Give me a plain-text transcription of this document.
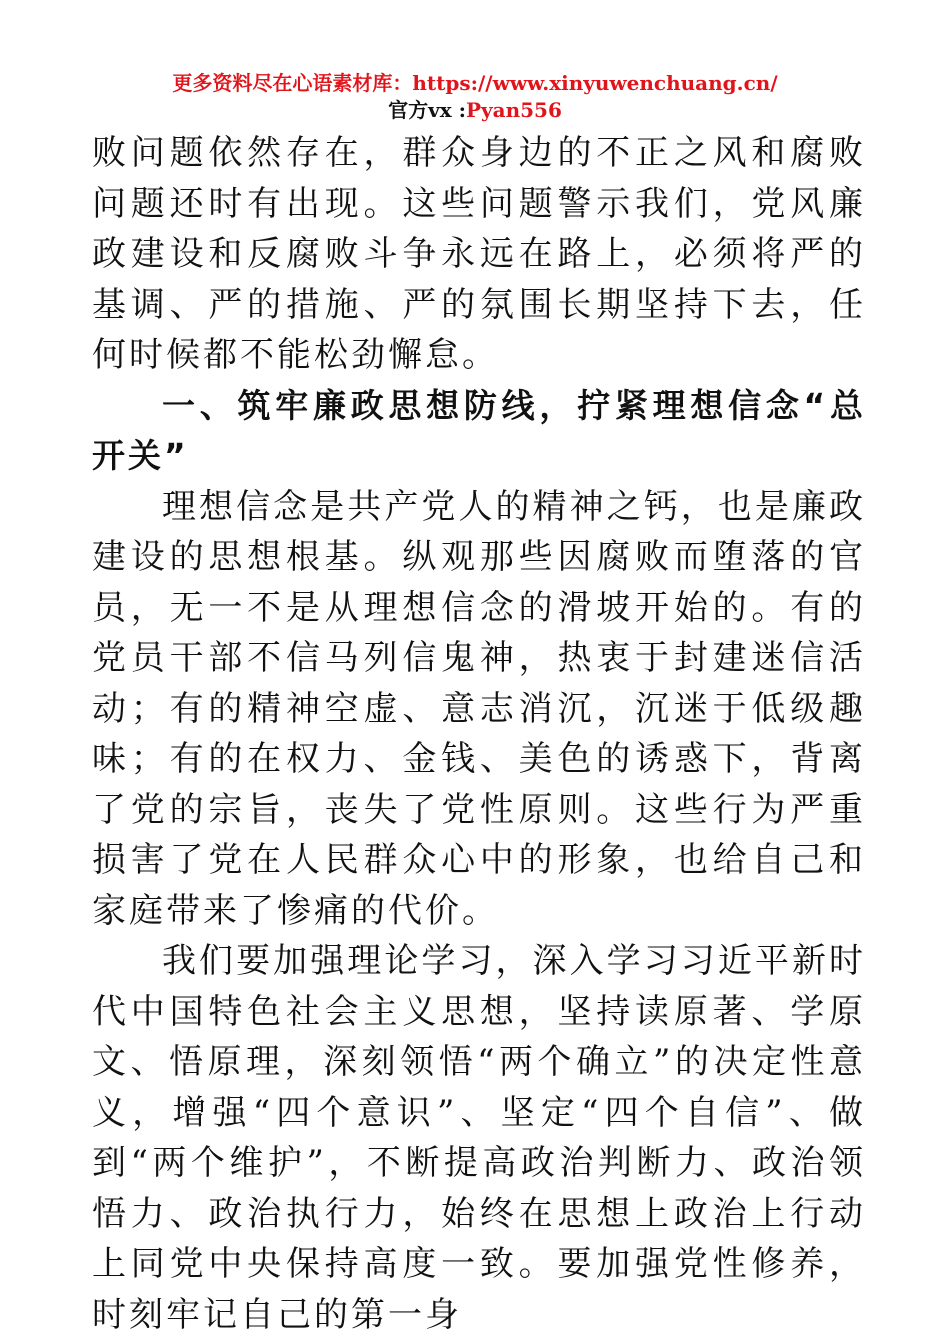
更多资料尽在心语素材库：https://www.xinyuwenchuang.cn/
官方vx :Pyan556

败问题依然存在，群众身边的不正之风和腐败问题还时有出现。这些问题警示我们，党风廉政建设和反腐败斗争永远在路上，必须将严的基调、严的措施、严的氛围长期坚持下去，任何时候都不能松劲懈怠。

一、筑牢廉政思想防线，拧紧理想信念“总开关”

理想信念是共产党人的精神之钙，也是廉政建设的思想根基。纵观那些因腐败而堕落的官员，无一不是从理想信念的滑坡开始的。有的党员干部不信马列信鬼神，热衷于封建迷信活动；有的精神空虚、意志消沉，沉迷于低级趣味；有的在权力、金钱、美色的诱惑下，背离了党的宗旨，丧失了党性原则。这些行为严重损害了党在人民群众心中的形象，也给自己和家庭带来了惨痛的代价。

我们要加强理论学习，深入学习习近平新时代中国特色社会主义思想，坚持读原著、学原文、悟原理，深刻领悟“两个确立”的决定性意义，增强“四个意识”、坚定“四个自信”、做到“两个维护”，不断提高政治判断力、政治领悟力、政治执行力，始终在思想上政治上行动上同党中央保持高度一致。要加强党性修养，时刻牢记自己的第一身
